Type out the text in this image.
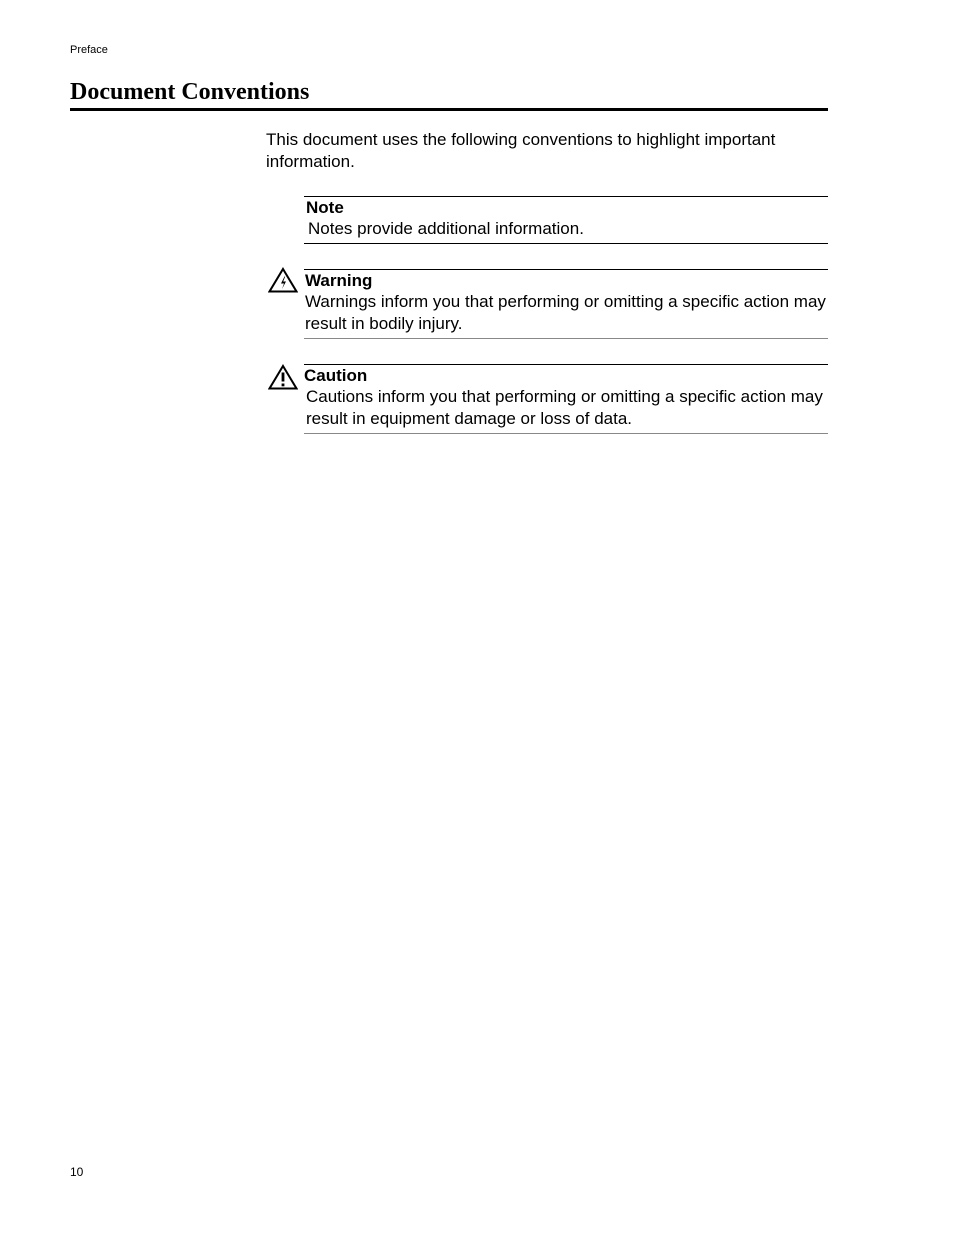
Preface
Document Conventions

This document uses the following conventions to highlight important information.

Note
Notes provide additional information.
Warning
Warnings inform you that performing or omitting a specific action may result in bodily injury.
Caution
Cautions inform you that performing or omitting a specific action may result in equipment damage or loss of data.
10
